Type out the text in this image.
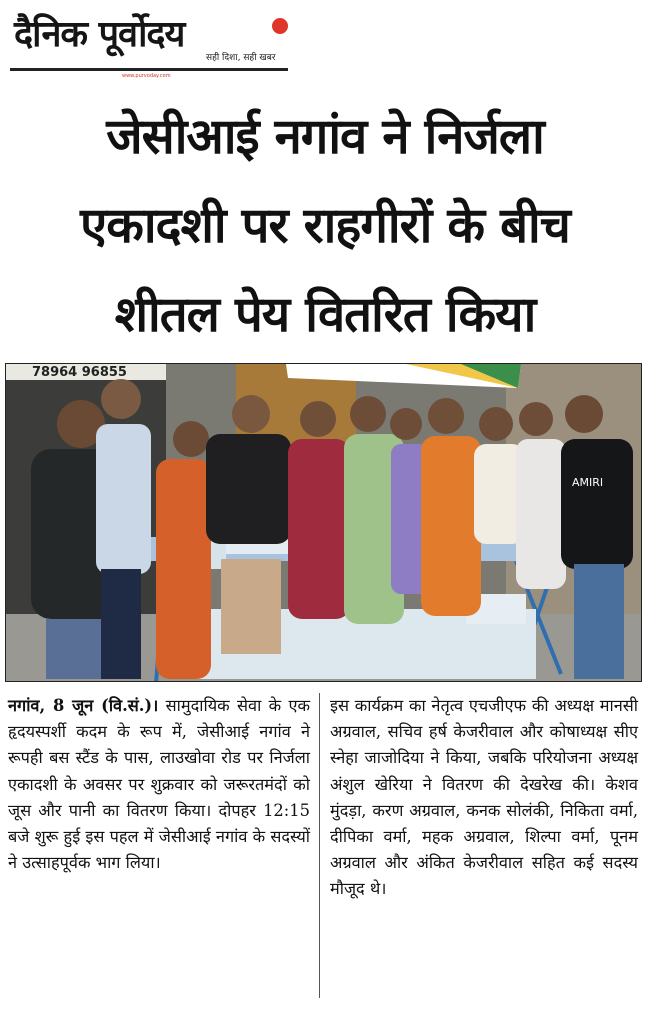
दैनिक पूर्वोदय
सही दिशा, सही खबर
www.purvoday.com
जेसीआई नगांव ने निर्जला
एकादशी पर राहगीरों के बीच
शीतल पेय वितरित किया
78964 96855
AMIRI

नगांव, 8 जून (वि.सं.)। सामुदायिक सेवा के एक हृदयस्पर्शी कदम के रूप में, जेसीआई नगांव ने रूपही बस स्टैंड के पास, लाउखोवा रोड पर निर्जला एकादशी के अवसर पर शुक्रवार को जरूरतमंदों को जूस और पानी का वितरण किया। दोपहर 12:15 बजे शुरू हुई इस पहल में जेसीआई नगांव के सदस्यों ने उत्साहपूर्वक भाग लिया।

इस कार्यक्रम का नेतृत्व एचजीएफ की अध्यक्ष मानसी अग्रवाल, सचिव हर्ष केजरीवाल और कोषाध्यक्ष सीए स्नेहा जाजोदिया ने किया, जबकि परियोजना अध्यक्ष अंशुल खेरिया ने वितरण की देखरेख की। केशव मुंदड़ा, करण अग्रवाल, कनक सोलंकी, निकिता वर्मा, दीपिका वर्मा, महक अग्रवाल, शिल्पा वर्मा, पूनम अग्रवाल और अंकित केजरीवाल सहित कई सदस्य मौजूद थे।
